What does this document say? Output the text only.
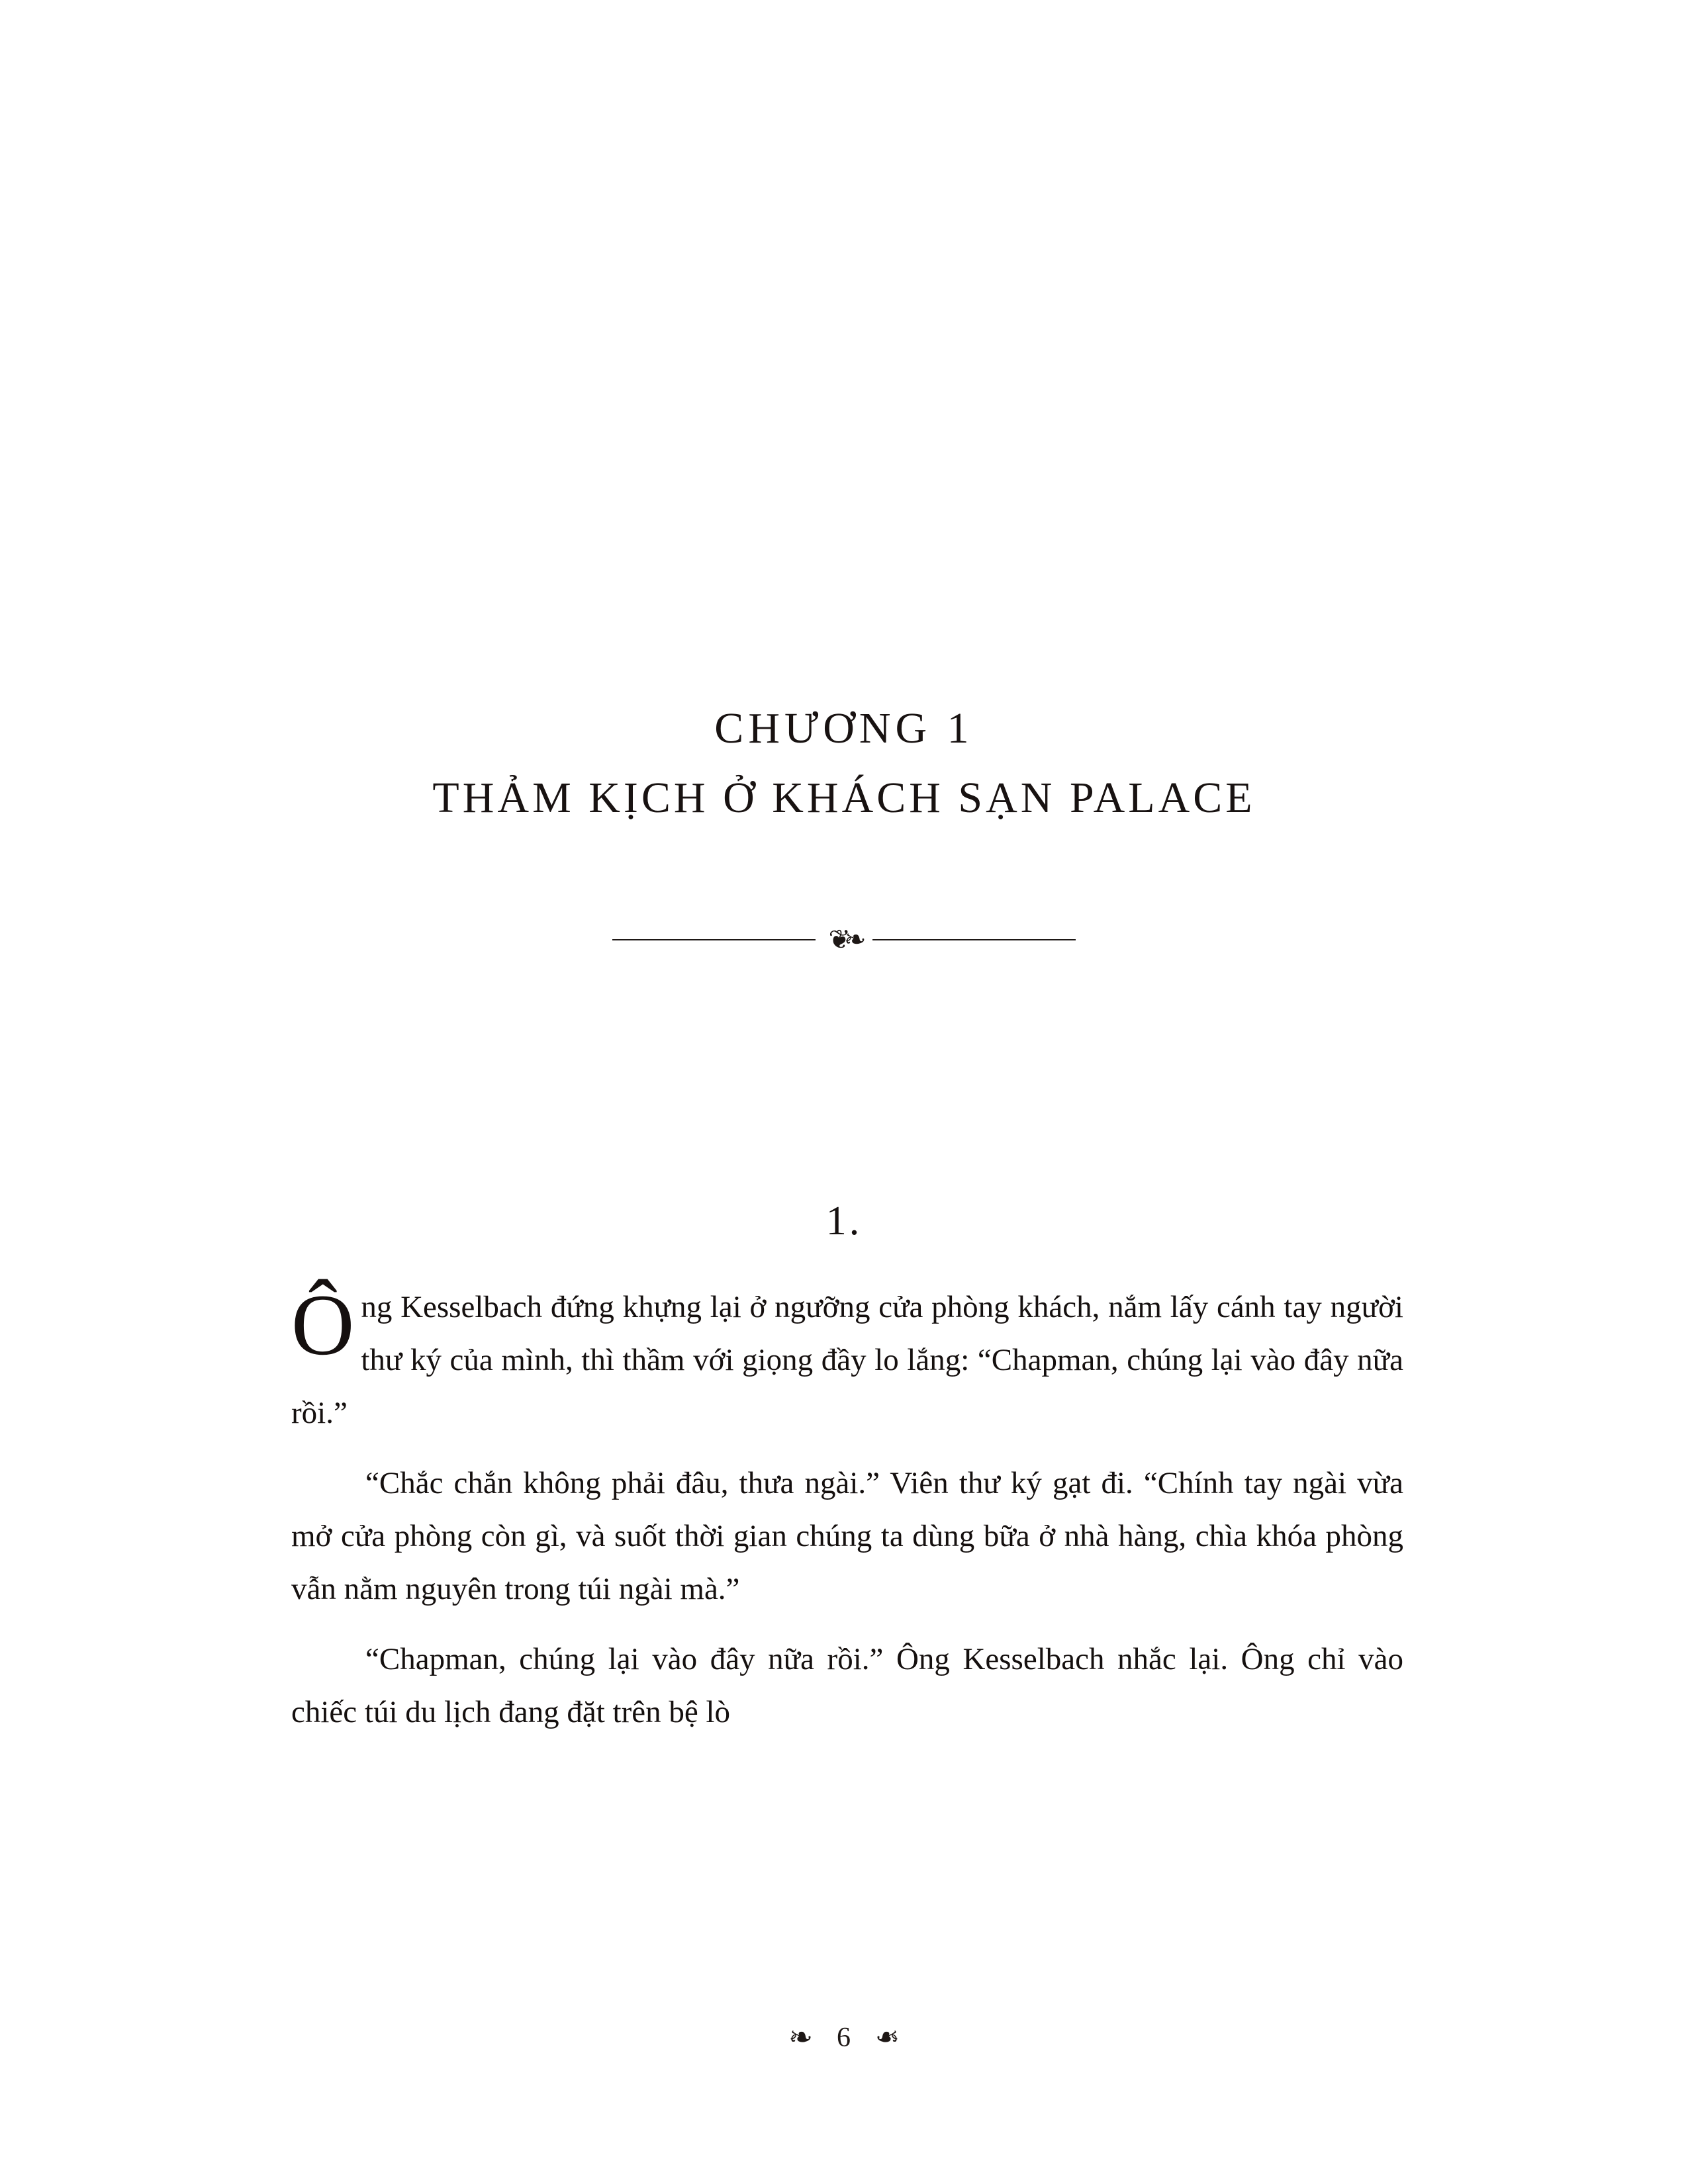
CHƯƠNG 1
THẢM KỊCH Ở KHÁCH SẠN PALACE
❦❧
1.

Ông Kesselbach đứng khựng lại ở ngưỡng cửa phòng khách, nắm lấy cánh tay người thư ký của mình, thì thầm với giọng đầy lo lắng: “Chapman, chúng lại vào đây nữa rồi.”

“Chắc chắn không phải đâu, thưa ngài.” Viên thư ký gạt đi. “Chính tay ngài vừa mở cửa phòng còn gì, và suốt thời gian chúng ta dùng bữa ở nhà hàng, chìa khóa phòng vẫn nằm nguyên trong túi ngài mà.”

“Chapman, chúng lại vào đây nữa rồi.” Ông Kesselbach nhắc lại. Ông chỉ vào chiếc túi du lịch đang đặt trên bệ lò

❧ 6 ❧
